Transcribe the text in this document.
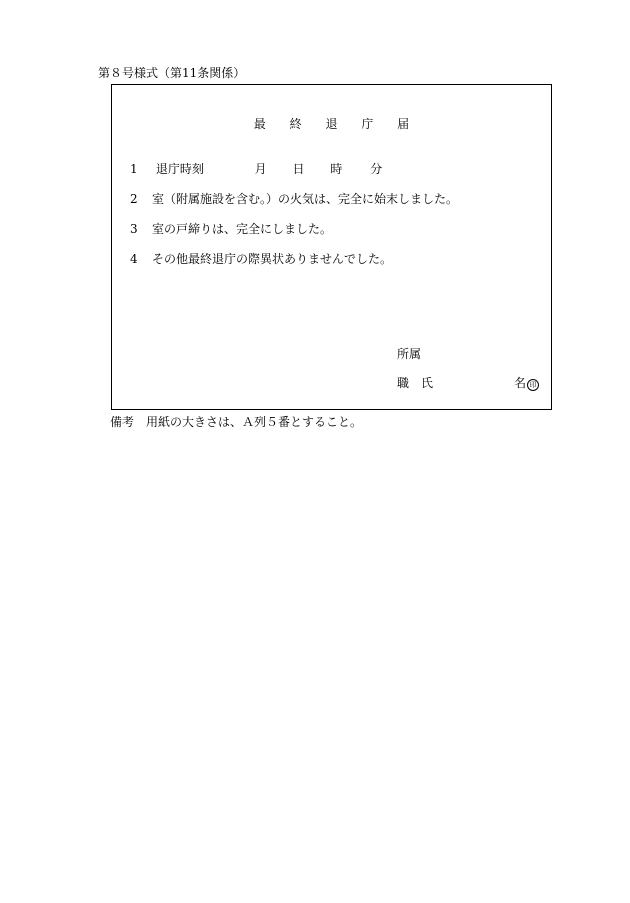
第８号様式（第11条関係）
最 終 退 庁 届
1 退庁時刻	月 日 時 分
2 室（附属施設を含む。）の火気は、完全に始末しました。
3 室の戸締りは、完全にしました。
4 その他最終退庁の際異状ありませんでした。
所属
職　氏	名 印
備考 用紙の大きさは、Ａ列５番とすること。
